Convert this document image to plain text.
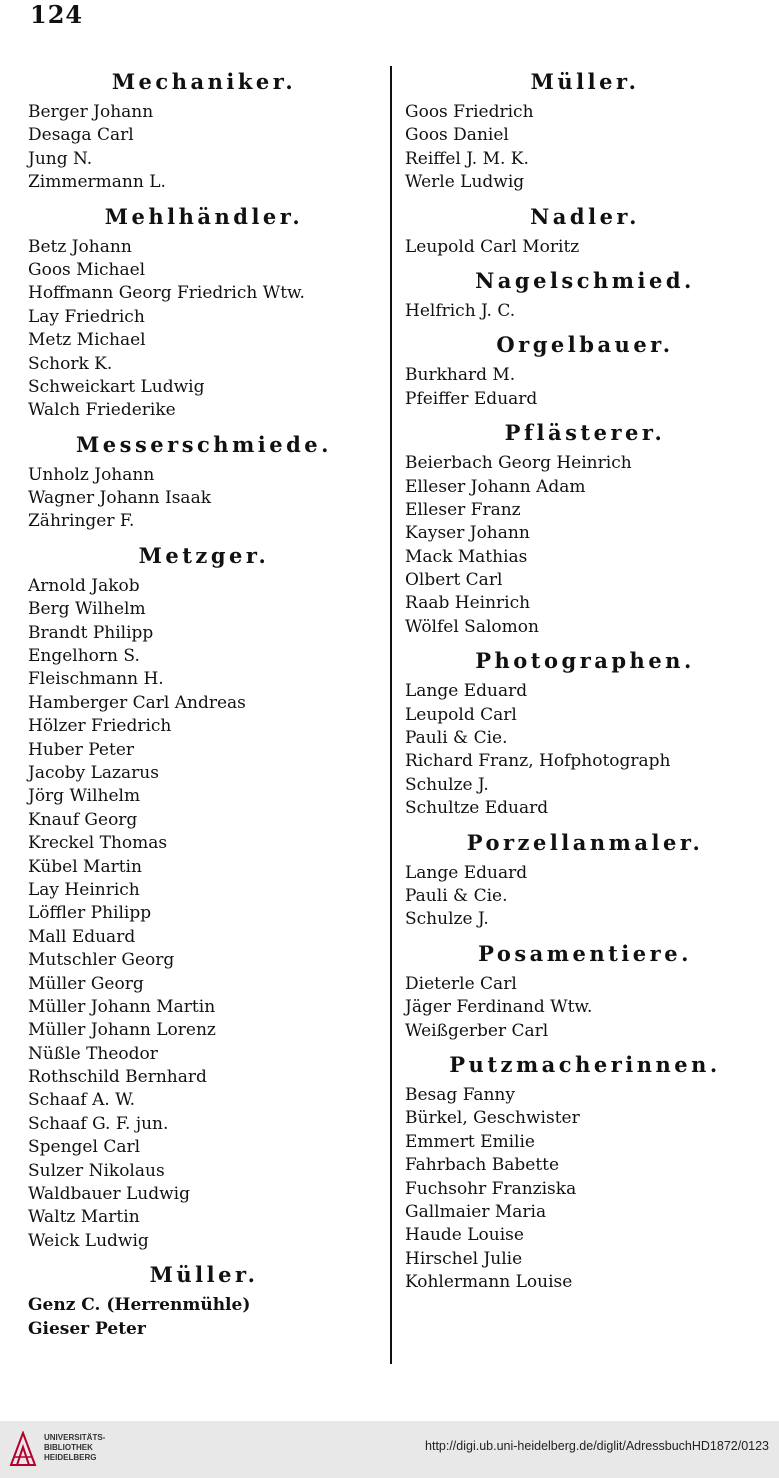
124
Mechaniker.
Berger Johann
Desaga Carl
Jung N.
Zimmermann L.
Mehlhändler.
Betz Johann
Goos Michael
Hoffmann Georg Friedrich Wtw.
Lay Friedrich
Metz Michael
Schork K.
Schweickart Ludwig
Walch Friederike
Messerschmiede.
Unholz Johann
Wagner Johann Isaak
Zähringer F.
Metzger.
Arnold Jakob
Berg Wilhelm
Brandt Philipp
Engelhorn S.
Fleischmann H.
Hamberger Carl Andreas
Hölzer Friedrich
Huber Peter
Jacoby Lazarus
Jörg Wilhelm
Knauf Georg
Kreckel Thomas
Kübel Martin
Lay Heinrich
Löffler Philipp
Mall Eduard
Mutschler Georg
Müller Georg
Müller Johann Martin
Müller Johann Lorenz
Nüßle Theodor
Rothschild Bernhard
Schaaf A. W.
Schaaf G. F. jun.
Spengel Carl
Sulzer Nikolaus
Waldbauer Ludwig
Waltz Martin
Weick Ludwig
Müller.
Genz C. (Herrenmühle)
Gieser Peter
Müller.
Goos Friedrich
Goos Daniel
Reiffel J. M. K.
Werle Ludwig
Nadler.
Leupold Carl Moritz
Nagelschmied.
Helfrich J. C.
Orgelbauer.
Burkhard M.
Pfeiffer Eduard
Pflästerer.
Beierbach Georg Heinrich
Elleser Johann Adam
Elleser Franz
Kayser Johann
Mack Mathias
Olbert Carl
Raab Heinrich
Wölfel Salomon
Photographen.
Lange Eduard
Leupold Carl
Pauli & Cie.
Richard Franz, Hofphotograph
Schulze J.
Schultze Eduard
Porzellanmaler.
Lange Eduard
Pauli & Cie.
Schulze J.
Posamentiere.
Dieterle Carl
Jäger Ferdinand Wtw.
Weißgerber Carl
Putzmacherinnen.
Besag Fanny
Bürkel, Geschwister
Emmert Emilie
Fahrbach Babette
Fuchsohr Franziska
Gallmaier Maria
Haude Louise
Hirschel Julie
Kohlermann Louise
UNIVERSITÄTS-
BIBLIOTHEK
HEIDELBERG
http://digi.ub.uni-heidelberg.de/diglit/AdressbuchHD1872/0123
